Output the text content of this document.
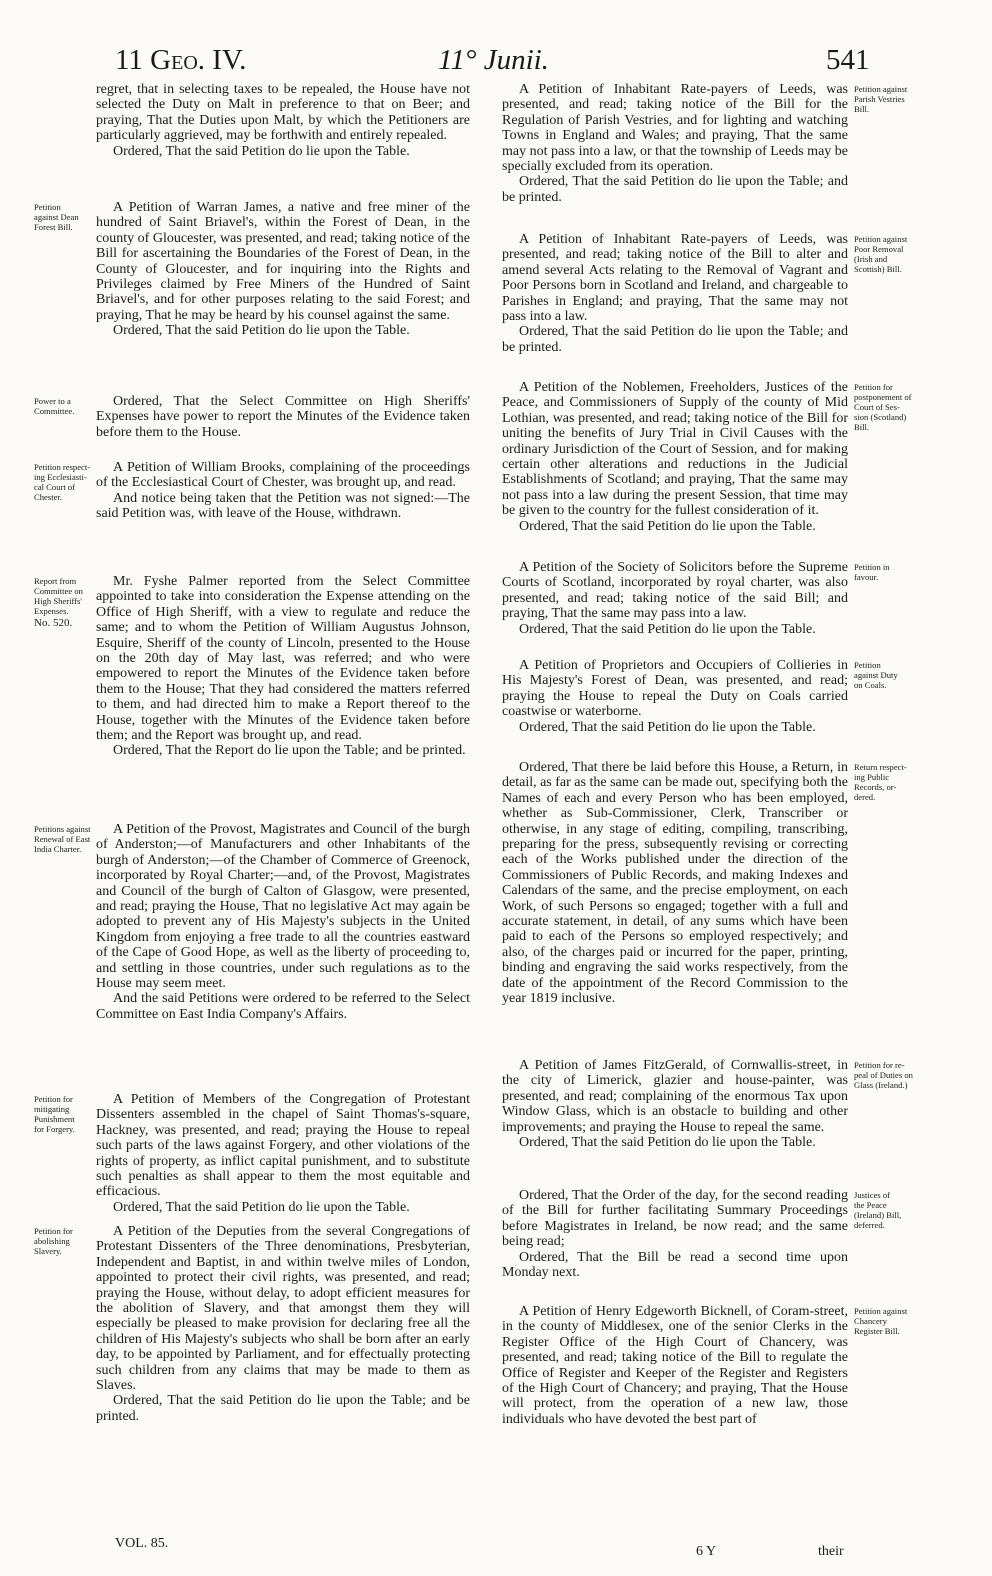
11 Geo. IV.	11° Junii.	541

regret, that in selecting taxes to be repealed, the House have not selected the Duty on Malt in preference to that on Beer; and praying, That the Duties upon Malt, by which the Petitioners are particularly aggrieved, may be forthwith and entirely repealed.

Ordered, That the said Petition do lie upon the Table.

Petition
against Dean
Forest Bill.

A Petition of Warran James, a native and free miner of the hundred of Saint Briavel's, within the Forest of Dean, in the county of Gloucester, was presented, and read; taking notice of the Bill for ascertaining the Boundaries of the Forest of Dean, in the County of Gloucester, and for inquiring into the Rights and Privileges claimed by Free Miners of the Hundred of Saint Briavel's, and for other purposes relating to the said Forest; and praying, That he may be heard by his counsel against the same.

Ordered, That the said Petition do lie upon the Table.

Power to a
Committee.

Ordered, That the Select Committee on High Sheriffs' Expenses have power to report the Minutes of the Evidence taken before them to the House.

Petition respect-
ing Ecclesiasti-
cal Court of
Chester.

A Petition of William Brooks, complaining of the proceedings of the Ecclesiastical Court of Chester, was brought up, and read.

And notice being taken that the Petition was not signed:—The said Petition was, with leave of the House, withdrawn.

Report from
Committee on
High Sheriffs'
Expenses.
No. 520.

Mr. Fyshe Palmer reported from the Select Committee appointed to take into consideration the Expense attending on the Office of High Sheriff, with a view to regulate and reduce the same; and to whom the Petition of William Augustus Johnson, Esquire, Sheriff of the county of Lincoln, presented to the House on the 20th day of May last, was referred; and who were empowered to report the Minutes of the Evidence taken before them to the House; That they had considered the matters referred to them, and had directed him to make a Report thereof to the House, together with the Minutes of the Evidence taken before them; and the Report was brought up, and read.

Ordered, That the Report do lie upon the Table; and be printed.

Petitions against
Renewal of East
India Charter.

A Petition of the Provost, Magistrates and Council of the burgh of Anderston;—of Manufacturers and other Inhabitants of the burgh of Anderston;—of the Chamber of Commerce of Greenock, incorporated by Royal Charter;—and, of the Provost, Magistrates and Council of the burgh of Calton of Glasgow, were presented, and read; praying the House, That no legislative Act may again be adopted to prevent any of His Majesty's subjects in the United Kingdom from enjoying a free trade to all the countries eastward of the Cape of Good Hope, as well as the liberty of proceeding to, and settling in those countries, under such regulations as to the House may seem meet.

And the said Petitions were ordered to be referred to the Select Committee on East India Company's Affairs.

Petition for
mitigating
Punishment
for Forgery.

A Petition of Members of the Congregation of Protestant Dissenters assembled in the chapel of Saint Thomas's-square, Hackney, was presented, and read; praying the House to repeal such parts of the laws against Forgery, and other violations of the rights of property, as inflict capital punishment, and to substitute such penalties as shall appear to them the most equitable and efficacious.

Ordered, That the said Petition do lie upon the Table.

Petition for
abolishing
Slavery.

A Petition of the Deputies from the several Congregations of Protestant Dissenters of the Three denominations, Presbyterian, Independent and Baptist, in and within twelve miles of London, appointed to protect their civil rights, was presented, and read; praying the House, without delay, to adopt efficient measures for the abolition of Slavery, and that amongst them they will especially be pleased to make provision for declaring free all the children of His Majesty's subjects who shall be born after an early day, to be appointed by Parliament, and for effectually protecting such children from any claims that may be made to them as Slaves.

Ordered, That the said Petition do lie upon the Table; and be printed.

Petition against
Parish Vestries
Bill.

A Petition of Inhabitant Rate-payers of Leeds, was presented, and read; taking notice of the Bill for the Regulation of Parish Vestries, and for lighting and watching Towns in England and Wales; and praying, That the same may not pass into a law, or that the township of Leeds may be specially excluded from its operation.

Ordered, That the said Petition do lie upon the Table; and be printed.

Petition against
Poor Removal
(Irish and
Scottish) Bill.

A Petition of Inhabitant Rate-payers of Leeds, was presented, and read; taking notice of the Bill to alter and amend several Acts relating to the Removal of Vagrant and Poor Persons born in Scotland and Ireland, and chargeable to Parishes in England; and praying, That the same may not pass into a law.

Ordered, That the said Petition do lie upon the Table; and be printed.

Petition for
postponement of
Court of Ses-
sion (Scotland)
Bill.

A Petition of the Noblemen, Freeholders, Justices of the Peace, and Commissioners of Supply of the county of Mid Lothian, was presented, and read; taking notice of the Bill for uniting the benefits of Jury Trial in Civil Causes with the ordinary Jurisdiction of the Court of Session, and for making certain other alterations and reductions in the Judicial Establishments of Scotland; and praying, That the same may not pass into a law during the present Session, that time may be given to the country for the fullest consideration of it.

Ordered, That the said Petition do lie upon the Table.

Petition in
favour.

A Petition of the Society of Solicitors before the Supreme Courts of Scotland, incorporated by royal charter, was also presented, and read; taking notice of the said Bill; and praying, That the same may pass into a law.

Ordered, That the said Petition do lie upon the Table.

Petition
against Duty
on Coals.

A Petition of Proprietors and Occupiers of Collieries in His Majesty's Forest of Dean, was presented, and read; praying the House to repeal the Duty on Coals carried coastwise or waterborne.

Ordered, That the said Petition do lie upon the Table.

Return respect-
ing Public
Records, or-
dered.

Ordered, That there be laid before this House, a Return, in detail, as far as the same can be made out, specifying both the Names of each and every Person who has been employed, whether as Sub-Commissioner, Clerk, Transcriber or otherwise, in any stage of editing, compiling, transcribing, preparing for the press, subsequently revising or correcting each of the Works published under the direction of the Commissioners of Public Records, and making Indexes and Calendars of the same, and the precise employment, on each Work, of such Persons so engaged; together with a full and accurate statement, in detail, of any sums which have been paid to each of the Persons so employed respectively; and also, of the charges paid or incurred for the paper, printing, binding and engraving the said works respectively, from the date of the appointment of the Record Commission to the year 1819 inclusive.

Petition for re-
peal of Duties on
Glass (Ireland.)

A Petition of James FitzGerald, of Cornwallis-street, in the city of Limerick, glazier and house-painter, was presented, and read; complaining of the enormous Tax upon Window Glass, which is an obstacle to building and other improvements; and praying the House to repeal the same.

Ordered, That the said Petition do lie upon the Table.

Justices of
the Peace
(Ireland) Bill,
deferred.

Ordered, That the Order of the day, for the second reading of the Bill for further facilitating Summary Proceedings before Magistrates in Ireland, be now read; and the same being read;

Ordered, That the Bill be read a second time upon Monday next.

Petition against
Chancery
Register Bill.

A Petition of Henry Edgeworth Bicknell, of Coram-street, in the county of Middlesex, one of the senior Clerks in the Register Office of the High Court of Chancery, was presented, and read; taking notice of the Bill to regulate the Office of Register and Keeper of the Register and Registers of the High Court of Chancery; and praying, That the House will protect, from the operation of a new law, those individuals who have devoted the best part of

VOL. 85.
6 Y	their
